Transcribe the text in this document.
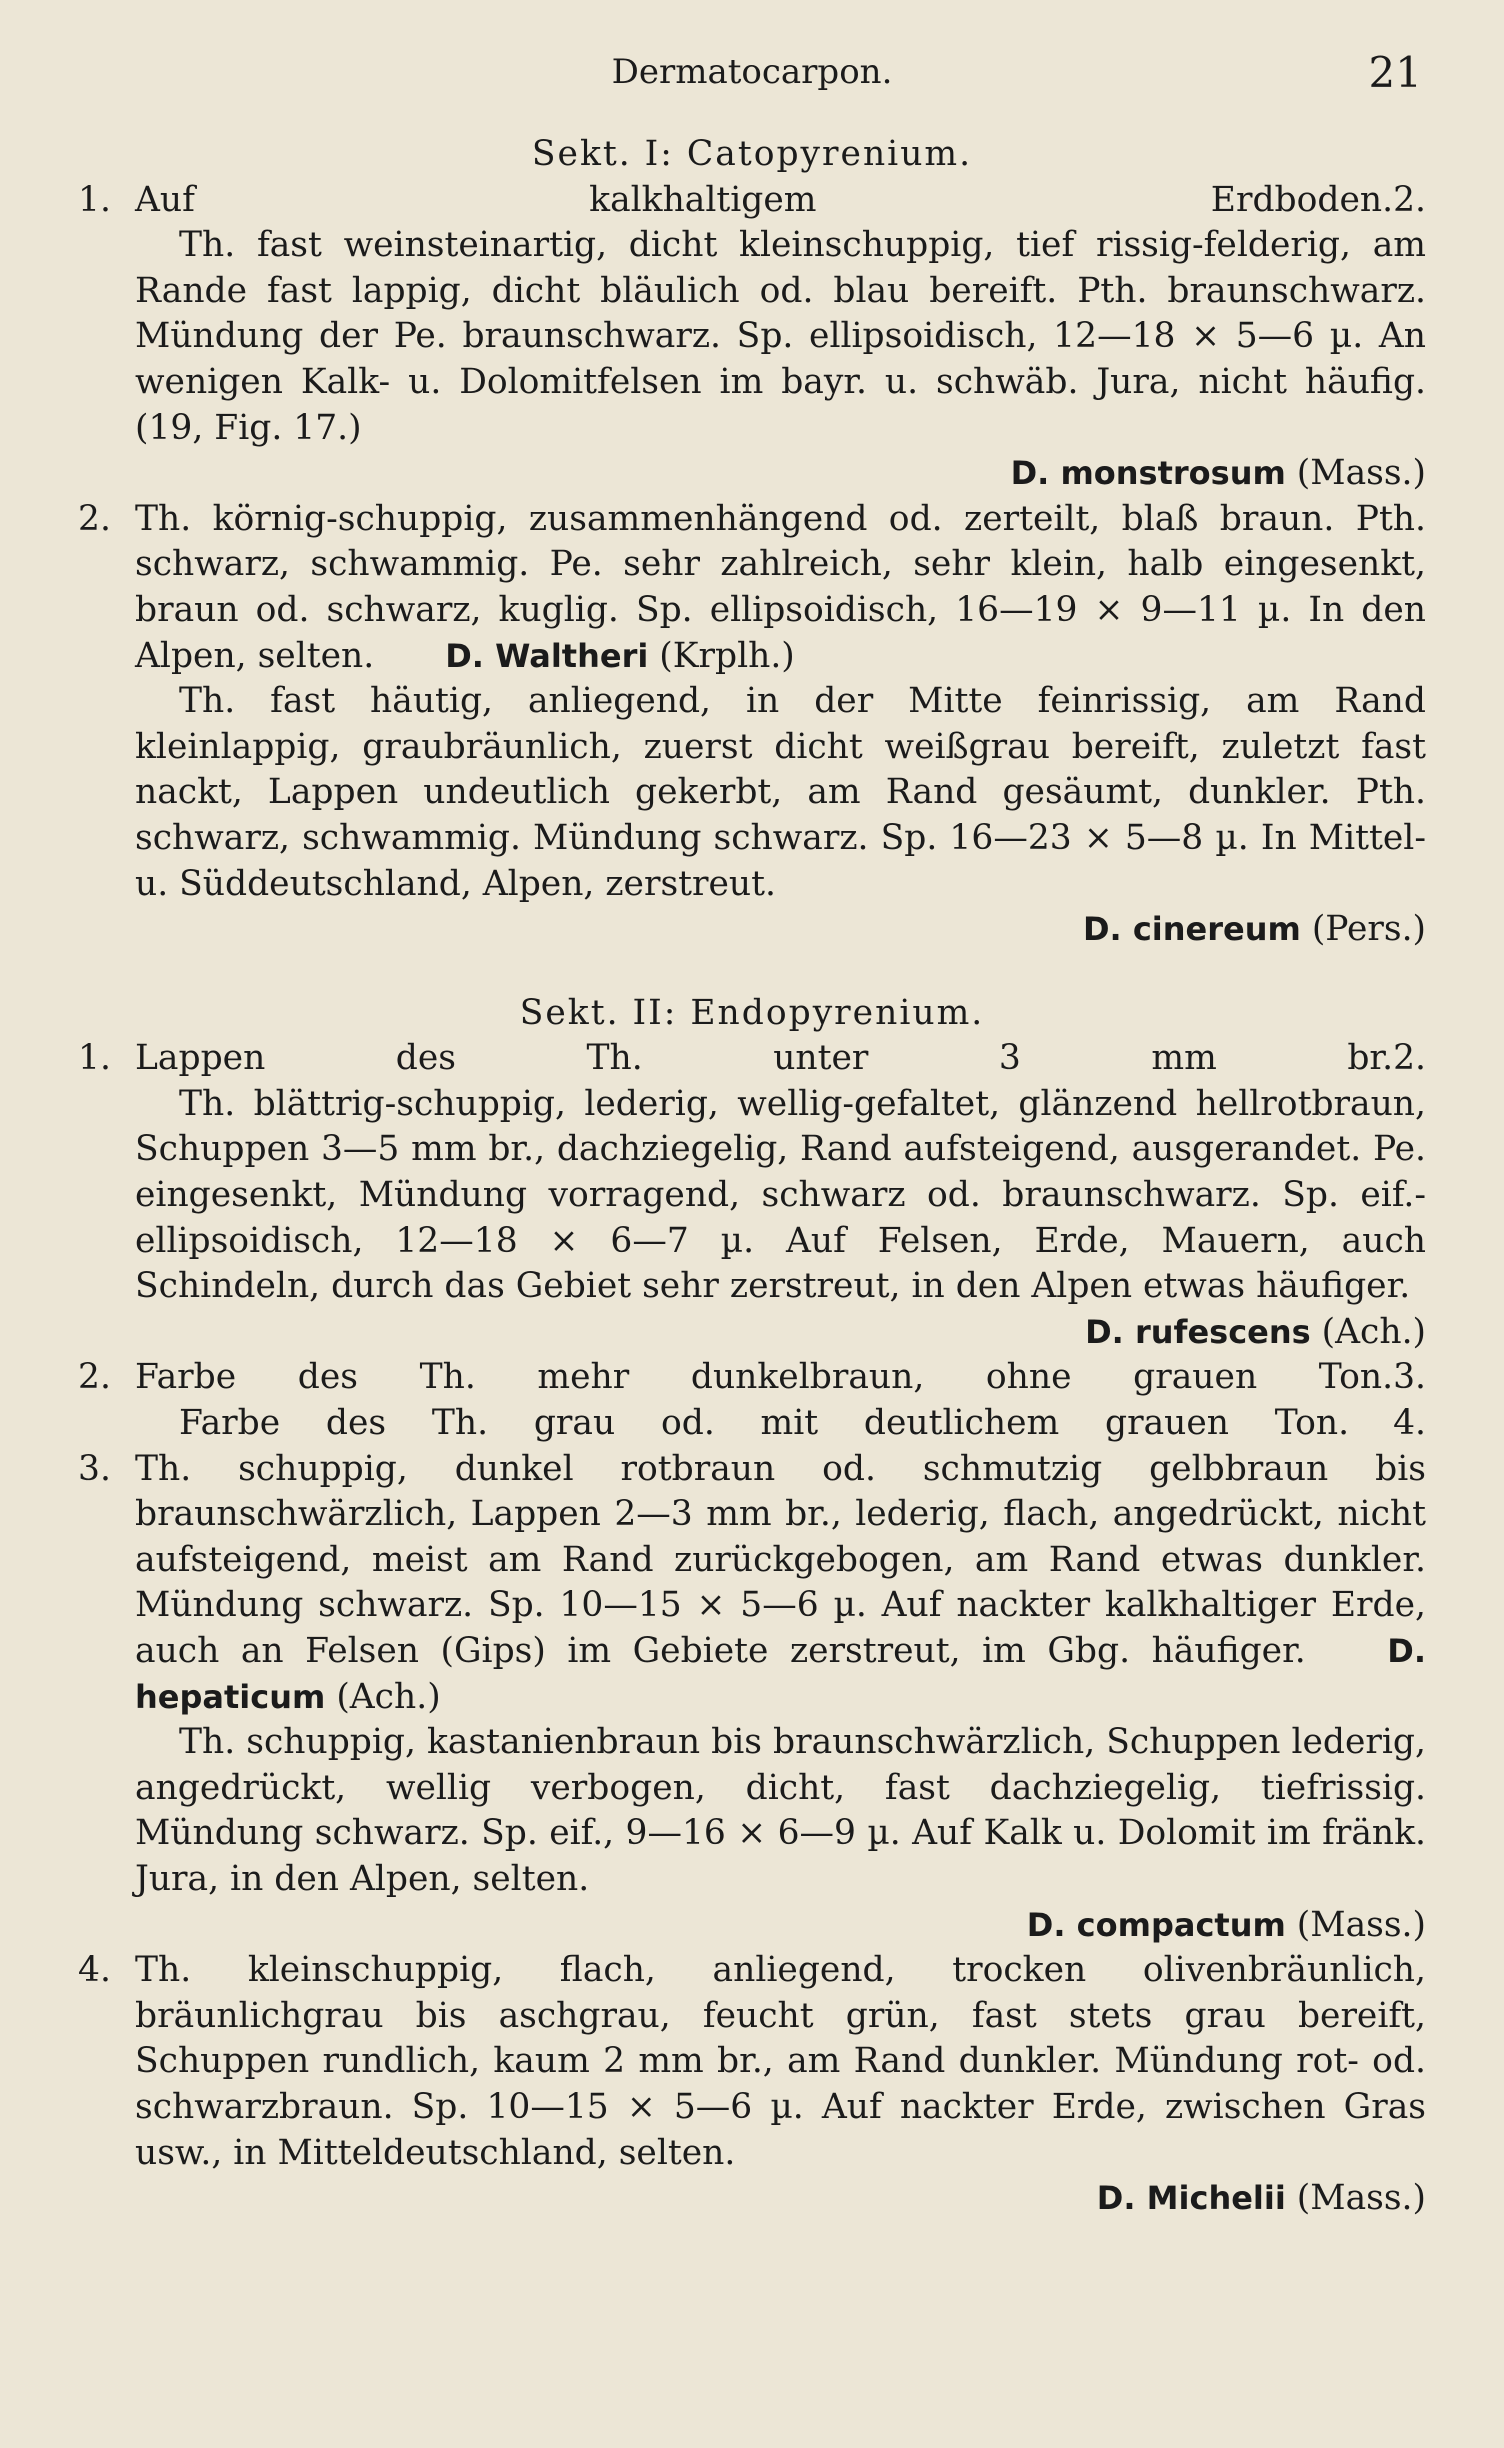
Dermatocarpon.	21
Sekt. I: Catopyrenium.
1. Auf kalkhaltigem Erdboden. 2.
Th. fast weinsteinartig, dicht kleinschuppig, tief rissig-felderig, am Rande fast lappig, dicht bläulich od. blau bereift. Pth. braunschwarz. Mündung der Pe. braunschwarz. Sp. ellipsoidisch, 12—18 × 5—6 µ. An wenigen Kalk- u. Dolomitfelsen im bayr. u. schwäb. Jura, nicht häufig. (19, Fig. 17.)
D. monstrosum (Mass.)
2. Th. körnig-schuppig, zusammenhängend od. zerteilt, blaß braun. Pth. schwarz, schwammig. Pe. sehr zahlreich, sehr klein, halb eingesenkt, braun od. schwarz, kuglig. Sp. ellipsoidisch, 16—19 × 9—11 µ. In den Alpen, selten. D. Waltheri (Krplh.)
Th. fast häutig, anliegend, in der Mitte feinrissig, am Rand kleinlappig, graubräunlich, zuerst dicht weißgrau bereift, zuletzt fast nackt, Lappen undeutlich gekerbt, am Rand gesäumt, dunkler. Pth. schwarz, schwammig. Mündung schwarz. Sp. 16—23 × 5—8 µ. In Mittel- u. Süddeutschland, Alpen, zerstreut.
D. cinereum (Pers.)
Sekt. II: Endopyrenium.
1. Lappen des Th. unter 3 mm br. 2.
Th. blättrig-schuppig, lederig, wellig-gefaltet, glänzend hellrotbraun, Schuppen 3—5 mm br., dachziegelig, Rand aufsteigend, ausgerandet. Pe. eingesenkt, Mündung vorragend, schwarz od. braunschwarz. Sp. eif.-ellipsoidisch, 12—18 × 6—7 µ. Auf Felsen, Erde, Mauern, auch Schindeln, durch das Gebiet sehr zerstreut, in den Alpen etwas häufiger.
D. rufescens (Ach.)
2. Farbe des Th. mehr dunkelbraun, ohne grauen Ton. 3.
Farbe des Th. grau od. mit deutlichem grauen Ton.	4.
3. Th. schuppig, dunkel rotbraun od. schmutzig gelbbraun bis braunschwärzlich, Lappen 2—3 mm br., lederig, flach, angedrückt, nicht aufsteigend, meist am Rand zurückgebogen, am Rand etwas dunkler. Mündung schwarz. Sp. 10—15 × 5—6 µ. Auf nackter kalkhaltiger Erde, auch an Felsen (Gips) im Gebiete zerstreut, im Gbg. häufiger.	D. hepaticum (Ach.)
Th. schuppig, kastanienbraun bis braunschwärzlich, Schuppen lederig, angedrückt, wellig verbogen, dicht, fast dachziegelig, tiefrissig. Mündung schwarz. Sp. eif., 9—16 × 6—9 µ. Auf Kalk u. Dolomit im fränk. Jura, in den Alpen, selten.
D. compactum (Mass.)
4. Th. kleinschuppig, flach, anliegend, trocken olivenbräunlich, bräunlichgrau bis aschgrau, feucht grün, fast stets grau bereift, Schuppen rundlich, kaum 2 mm br., am Rand dunkler. Mündung rot- od. schwarzbraun. Sp. 10—15 × 5—6 µ. Auf nackter Erde, zwischen Gras usw., in Mitteldeutschland, selten.
D. Michelii (Mass.)
